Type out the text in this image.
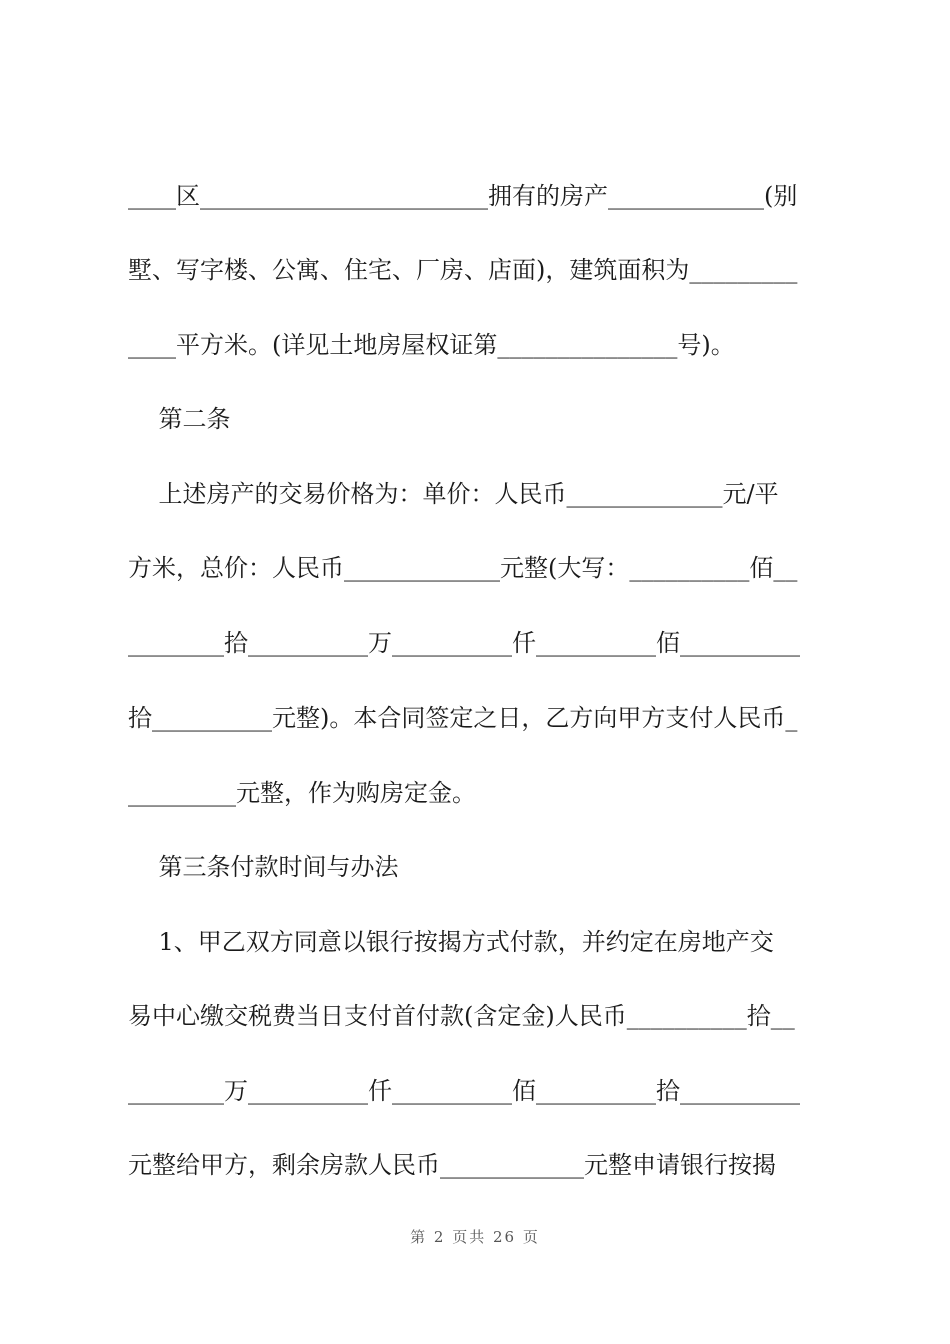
____区________________________拥有的房产_____________(别
墅、写字楼、公寓、住宅、厂房、店面)，建筑面积为_________
____平方米。(详见土地房屋权证第_______________号)。
第二条
上述房产的交易价格为：单价：人民币_____________元/平
方米，总价：人民币_____________元整(大写：__________佰__
________拾__________万__________仟__________佰__________
拾__________元整)。本合同签定之日，乙方向甲方支付人民币_
_________元整，作为购房定金。
第三条付款时间与办法
1、甲乙双方同意以银行按揭方式付款，并约定在房地产交
易中心缴交税费当日支付首付款(含定金)人民币__________拾__
________万__________仟__________佰__________拾__________
元整给甲方，剩余房款人民币____________元整申请银行按揭
第 2 页共 26 页
